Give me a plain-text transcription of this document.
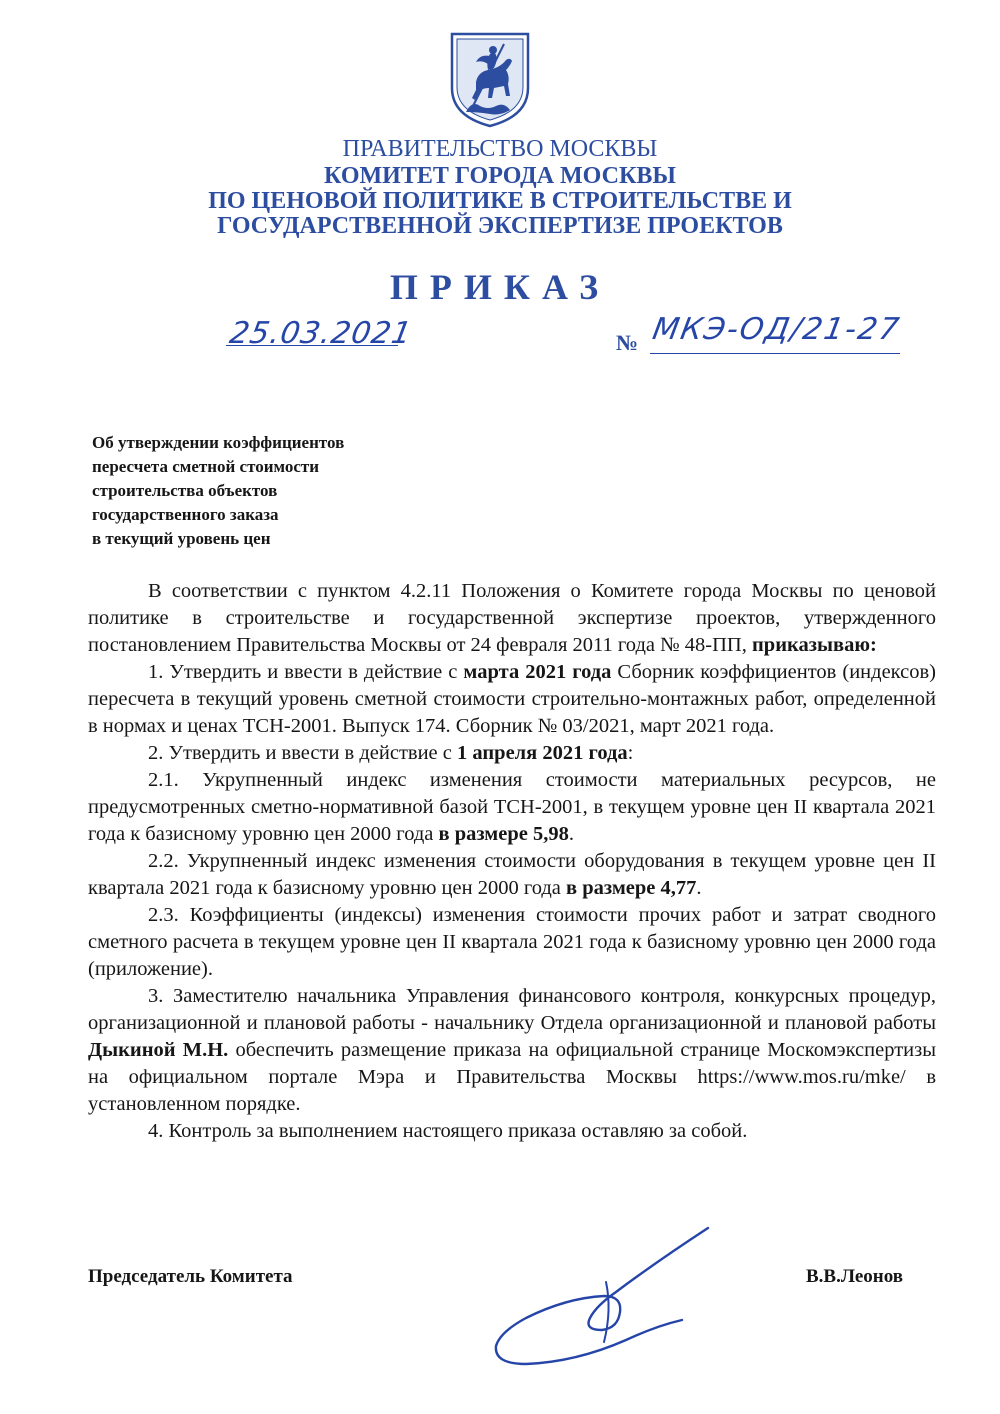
ПРАВИТЕЛЬСТВО МОСКВЫ
КОМИТЕТ ГОРОДА МОСКВЫ
ПО ЦЕНОВОЙ ПОЛИТИКЕ В СТРОИТЕЛЬСТВЕ И
ГОСУДАРСТВЕННОЙ ЭКСПЕРТИЗЕ ПРОЕКТОВ
ПРИКАЗ
25.03.2021	№ МКЭ-ОД/21-27
Об утверждении коэффициентов
пересчета сметной стоимости
строительства объектов
государственного заказа
в текущий уровень цен

В соответствии с пунктом 4.2.11 Положения о Комитете города Москвы по ценовой политике в строительстве и государственной экспертизе проектов, утвержденного постановлением Правительства Москвы от 24 февраля 2011 года № 48-ПП, приказываю:

1. Утвердить и ввести в действие с марта 2021 года Сборник коэффициентов (индексов) пересчета в текущий уровень сметной стоимости строительно-монтажных работ, определенной в нормах и ценах ТСН-2001. Выпуск 174. Сборник № 03/2021, март 2021 года.

2. Утвердить и ввести в действие с 1 апреля 2021 года:

2.1. Укрупненный индекс изменения стоимости материальных ресурсов, не предусмотренных сметно-нормативной базой ТСН-2001, в текущем уровне цен II квартала 2021 года к базисному уровню цен 2000 года в размере 5,98.

2.2. Укрупненный индекс изменения стоимости оборудования в текущем уровне цен II квартала 2021 года к базисному уровню цен 2000 года в размере 4,77.

2.3. Коэффициенты (индексы) изменения стоимости прочих работ и затрат сводного сметного расчета в текущем уровне цен II квартала 2021 года к базисному уровню цен 2000 года (приложение).

3. Заместителю начальника Управления финансового контроля, конкурсных процедур, организационной и плановой работы - начальнику Отдела организационной и плановой работы Дыкиной М.Н. обеспечить размещение приказа на официальной странице Москомэкспертизы на официальном портале Мэра и Правительства Москвы https://www.mos.ru/mke/ в установленном порядке.

4. Контроль за выполнением настоящего приказа оставляю за собой.

Председатель Комитета	В.В.Леонов
